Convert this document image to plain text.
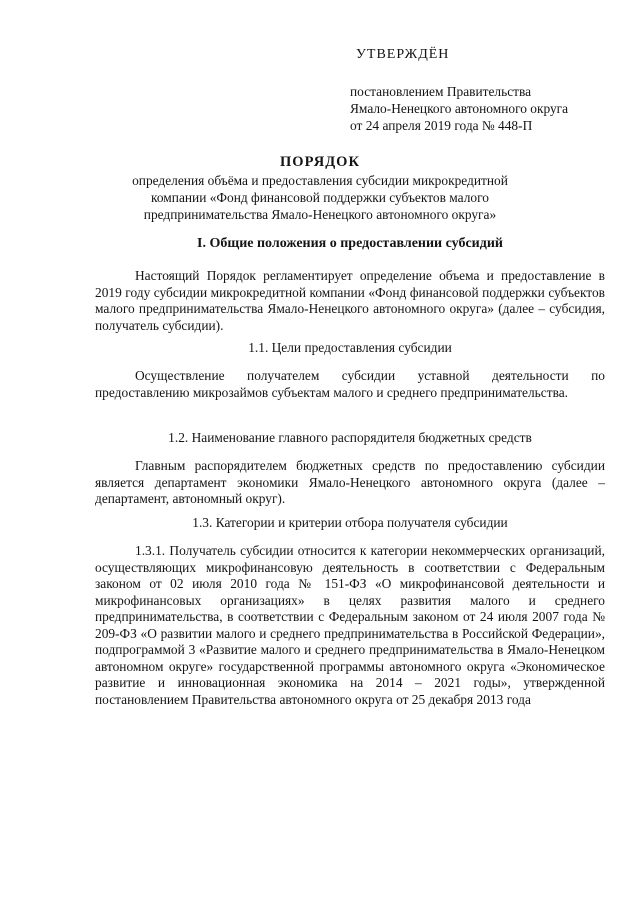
УТВЕРЖДЁН
постановлением Правительства
Ямало-Ненецкого автономного округа
от 24 апреля 2019 года № 448-П
ПОРЯДОК
определения объёма и предоставления субсидии микрокредитной
компании «Фонд финансовой поддержки субъектов малого
предпринимательства Ямало-Ненецкого автономного округа»
I. Общие положения о предоставлении субсидий
Настоящий Порядок регламентирует определение объема и предоставление в 2019 году субсидии микрокредитной компании «Фонд финансовой поддержки субъектов малого предпринимательства Ямало-Ненецкого автономного округа» (далее – субсидия, получатель субсидии).
1.1. Цели предоставления субсидии
Осуществление получателем субсидии уставной деятельности по предоставлению микрозаймов субъектам малого и среднего предпринимательства.
1.2. Наименование главного распорядителя бюджетных средств
Главным распорядителем бюджетных средств по предоставлению субсидии является департамент экономики Ямало-Ненецкого автономного округа (далее – департамент, автономный округ).
1.3. Категории и критерии отбора получателя субсидии
1.3.1. Получатель субсидии относится к категории некоммерческих организаций, осуществляющих микрофинансовую деятельность в соответствии с Федеральным законом от 02 июля 2010 года № 151-ФЗ «О микрофинансовой деятельности и микрофинансовых организациях» в целях развития малого и среднего предпринимательства, в соответствии с Федеральным законом от 24 июля 2007 года № 209-ФЗ «О развитии малого и среднего предпринимательства в Российской Федерации», подпрограммой 3 «Развитие малого и среднего предпринимательства в Ямало-Ненецком автономном округе» государственной программы автономного округа «Экономическое развитие и инновационная экономика на 2014 – 2021 годы», утвержденной постановлением Правительства автономного округа от 25 декабря 2013 года
